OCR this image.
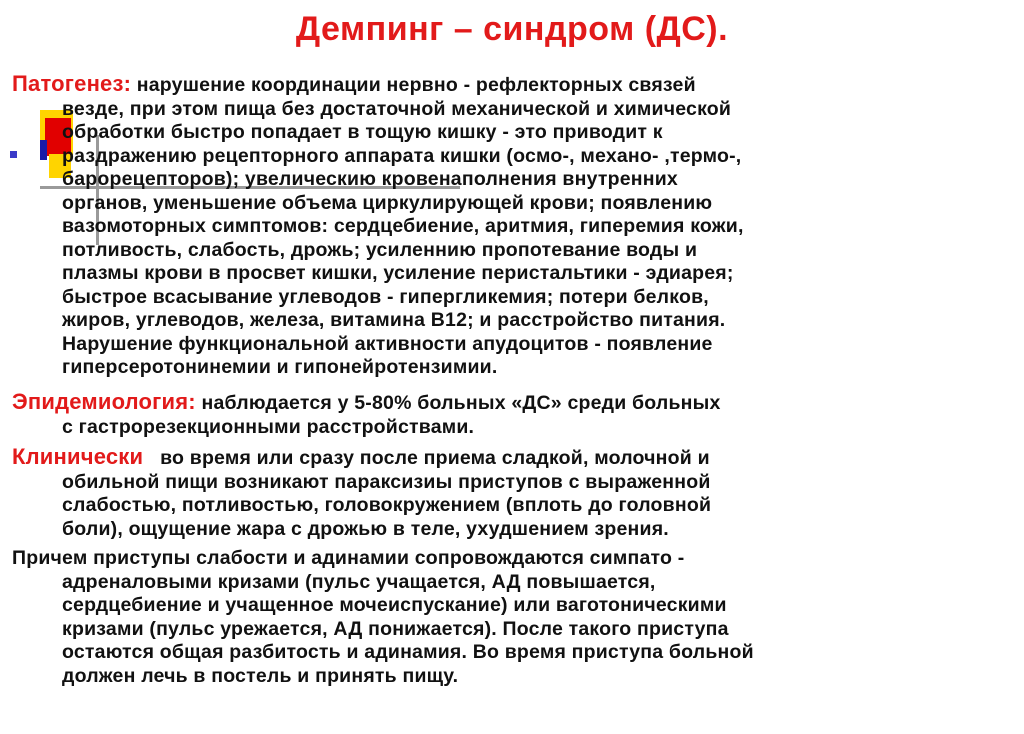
Демпинг – синдром (ДС).
Патогенез: нарушение координации нервно - рефлекторных связей
везде, при этом пища без достаточной механической и химической
обработки быстро попадает в тощую кишку - это приводит к
раздражению рецепторного аппарата кишки (осмо-, механо- ,термо-,
барорецепторов); увелическию кровенаполнения внутренних
органов, уменьшение объема циркулирующей крови; появлению
вазомоторных симптомов: сердцебиение, аритмия, гиперемия кожи,
потливость, слабость, дрожь; усиленнию пропотевание воды и
плазмы крови в просвет кишки, усиление перистальтики - эдиарея;
быстрое всасывание углеводов - гипергликемия; потери белков,
жиров, углеводов, железа, витамина В12; и расстройство питания.
Нарушение функциональной активности апудоцитов - появление
гиперсеротонинемии и гипонейротензимии.
Эпидемиология: наблюдается у 5-80% больных «ДС» среди больных
с гастрорезекционными расстройствами.
Клинически во время или сразу после приема сладкой, молочной и
обильной пищи возникают параксизиы приступов с выраженной
слабостью, потливостью, головокружением (вплоть до головной
боли), ощущение жара с дрожью в теле, ухудшением зрения.
Причем приступы слабости и адинамии сопровождаются симпато -
адреналовыми кризами (пульс учащается, АД повышается,
сердцебиение и учащенное мочеиспускание) или ваготоническими
кризами (пульс урежается, АД понижается). После такого приступа
остаются общая разбитость и адинамия. Во время приступа больной
должен лечь в постель и принять пищу.
